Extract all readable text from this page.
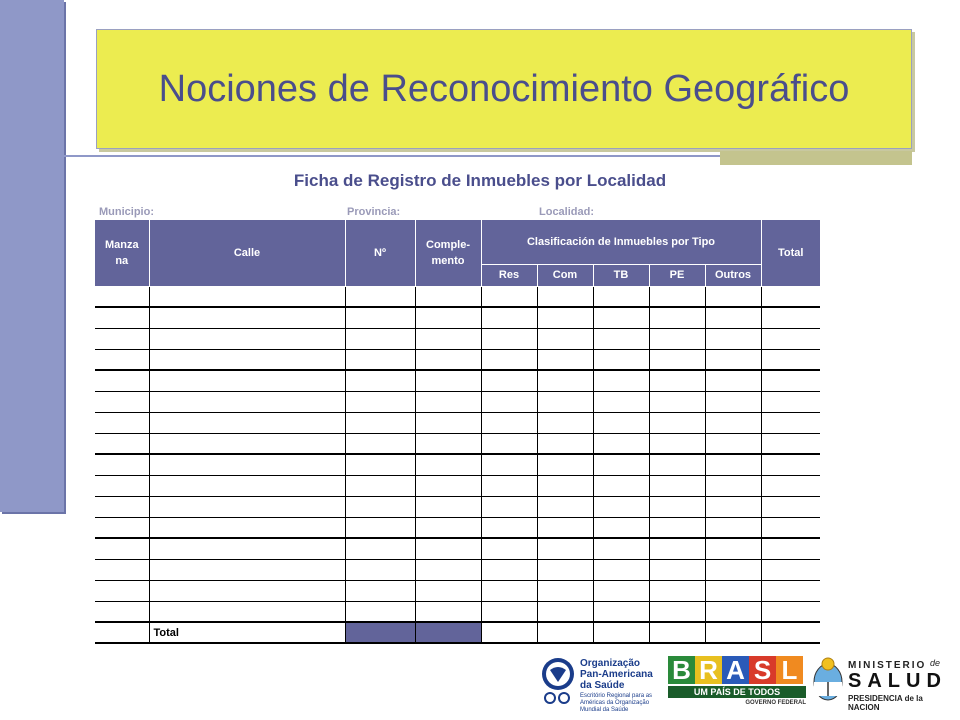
Nociones de Reconocimiento Geográfico
Ficha de Registro de Inmuebles por Localidad
Municipio:	Provincia:	Localidad:
Manza na	Calle	Nº	Comple- mento	Clasificación de Inmuebles por Tipo					Total
				Res	Com	TB	PE	Outros	

	Total								
Organização Pan-Americana da Saúde
Escritório Regional para as Américas da Organização Mundial da Saúde
B R A S L
UM PAÍS DE TODOS
GOVERNO FEDERAL
MINISTERIO de
SALUD
PRESIDENCIA de la NACION
